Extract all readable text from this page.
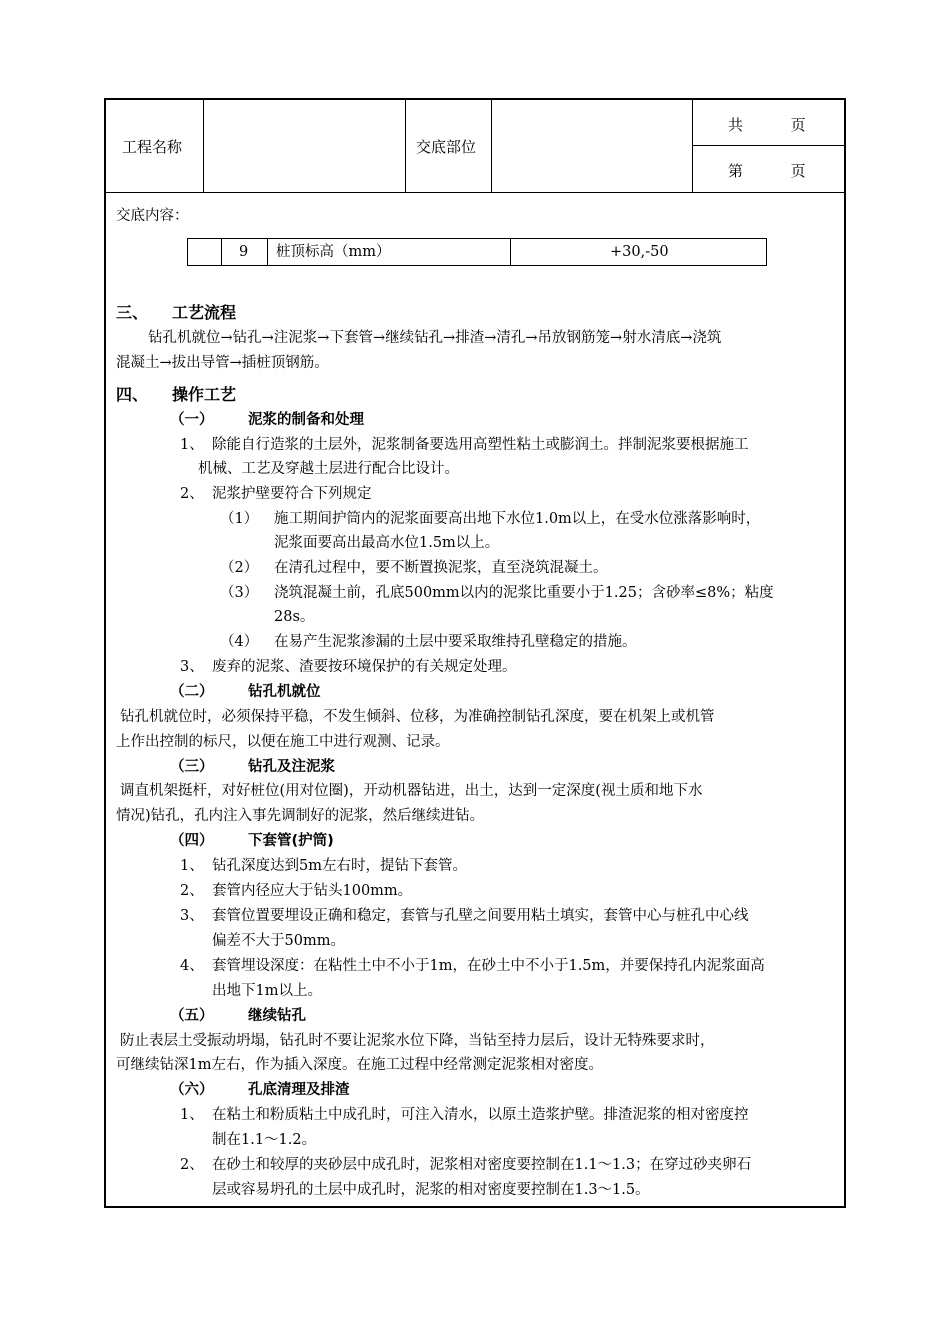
工程名称	交底部位
共          页
第          页
交底内容：
9 桩顶标高（mm）	+30,-50
三、 工艺流程
钻孔机就位→钻孔→注泥浆→下套管→继续钻孔→排渣→清孔→吊放钢筋笼→射水清底→浇筑
混凝土→拔出导管→插桩顶钢筋。
四、 操作工艺
（一） 泥浆的制备和处理
1、 除能自行造浆的土层外，泥浆制备要选用高塑性粘土或膨润土。拌制泥浆要根据施工
机械、工艺及穿越土层进行配合比设计。
2、 泥浆护壁要符合下列规定
（1） 施工期间护筒内的泥浆面要高出地下水位1.0m以上，在受水位涨落影响时，
泥浆面要高出最高水位1.5m以上。
（2） 在清孔过程中，要不断置换泥浆，直至浇筑混凝土。
（3） 浇筑混凝土前，孔底500mm以内的泥浆比重要小于1.25；含砂率≤8%；粘度
28s。
（4） 在易产生泥浆渗漏的土层中要采取维持孔壁稳定的措施。
3、 废弃的泥浆、渣要按环境保护的有关规定处理。
（二） 钻孔机就位
钻孔机就位时，必须保持平稳，不发生倾斜、位移，为准确控制钻孔深度，要在机架上或机管
上作出控制的标尺，以便在施工中进行观测、记录。
（三） 钻孔及注泥浆
调直机架挺杆，对好桩位(用对位圈)，开动机器钻进，出土，达到一定深度(视土质和地下水
情况)钻孔，孔内注入事先调制好的泥浆，然后继续进钻。
（四） 下套管(护筒)
1、 钻孔深度达到5m左右时，提钻下套管。
2、 套管内径应大于钻头100mm。
3、 套管位置要埋设正确和稳定，套管与孔壁之间要用粘土填实，套管中心与桩孔中心线
偏差不大于50mm。
4、 套管埋设深度：在粘性土中不小于1m，在砂土中不小于1.5m，并要保持孔内泥浆面高
出地下1m以上。
（五） 继续钻孔
防止表层土受振动坍塌，钻孔时不要让泥浆水位下降，当钻至持力层后，设计无特殊要求时，
可继续钻深1m左右，作为插入深度。在施工过程中经常测定泥浆相对密度。
（六） 孔底清理及排渣
1、 在粘土和粉质粘土中成孔时，可注入清水，以原土造浆护壁。排渣泥浆的相对密度控
制在1.1～1.2。
2、 在砂土和较厚的夹砂层中成孔时，泥浆相对密度要控制在1.1～1.3；在穿过砂夹卵石
层或容易坍孔的土层中成孔时，泥浆的相对密度要控制在1.3～1.5。
